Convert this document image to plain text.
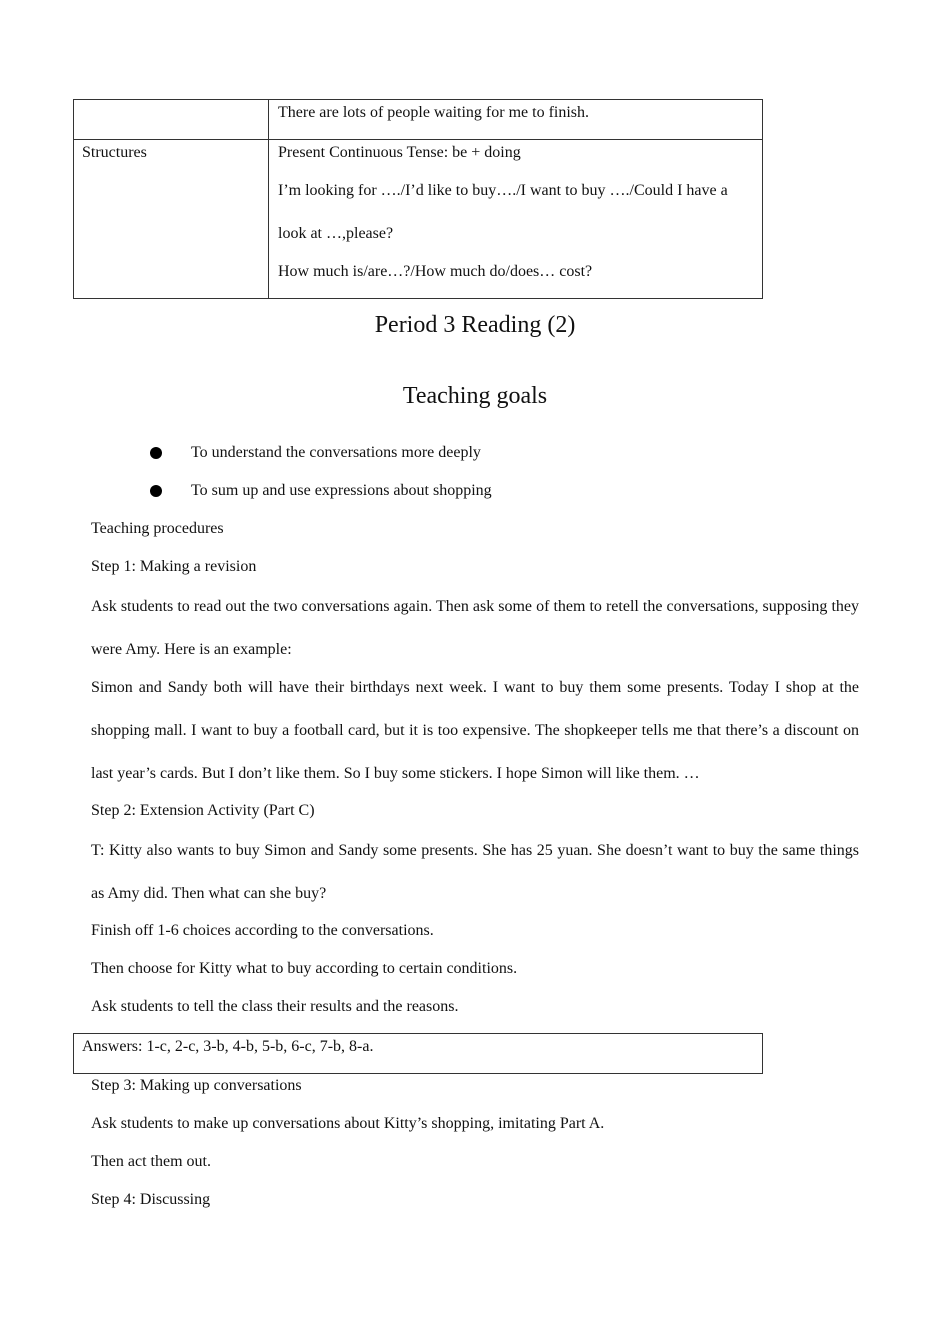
There are lots of people waiting for me to finish.
Structures	Present Continuous Tense: be + doing
I’m looking for …./I’d like to buy…./I want to buy …./Could I have a
look at …,please?
How much is/are…?/How much do/does… cost?
Period 3 Reading (2)
Teaching goals
To understand the conversations more deeply
To sum up and use expressions about shopping
Teaching procedures
Step 1: Making a revision
Ask students to read out the two conversations again. Then ask some of them to retell the conversations, supposing they were Amy. Here is an example:
Simon and Sandy both will have their birthdays next week. I want to buy them some presents. Today I shop at the shopping mall. I want to buy a football card, but it is too expensive. The shopkeeper tells me that there’s a discount on last year’s cards. But I don’t like them. So I buy some stickers. I hope Simon will like them. …
Step 2: Extension Activity (Part C)
T: Kitty also wants to buy Simon and Sandy some presents. She has 25 yuan. She doesn’t want to buy the same things as Amy did. Then what can she buy?
Finish off 1-6 choices according to the conversations.
Then choose for Kitty what to buy according to certain conditions.
Ask students to tell the class their results and the reasons.
Answers: 1-c, 2-c, 3-b, 4-b, 5-b, 6-c, 7-b, 8-a.
Step 3: Making up conversations
Ask students to make up conversations about Kitty’s shopping, imitating Part A.
Then act them out.
Step 4: Discussing
